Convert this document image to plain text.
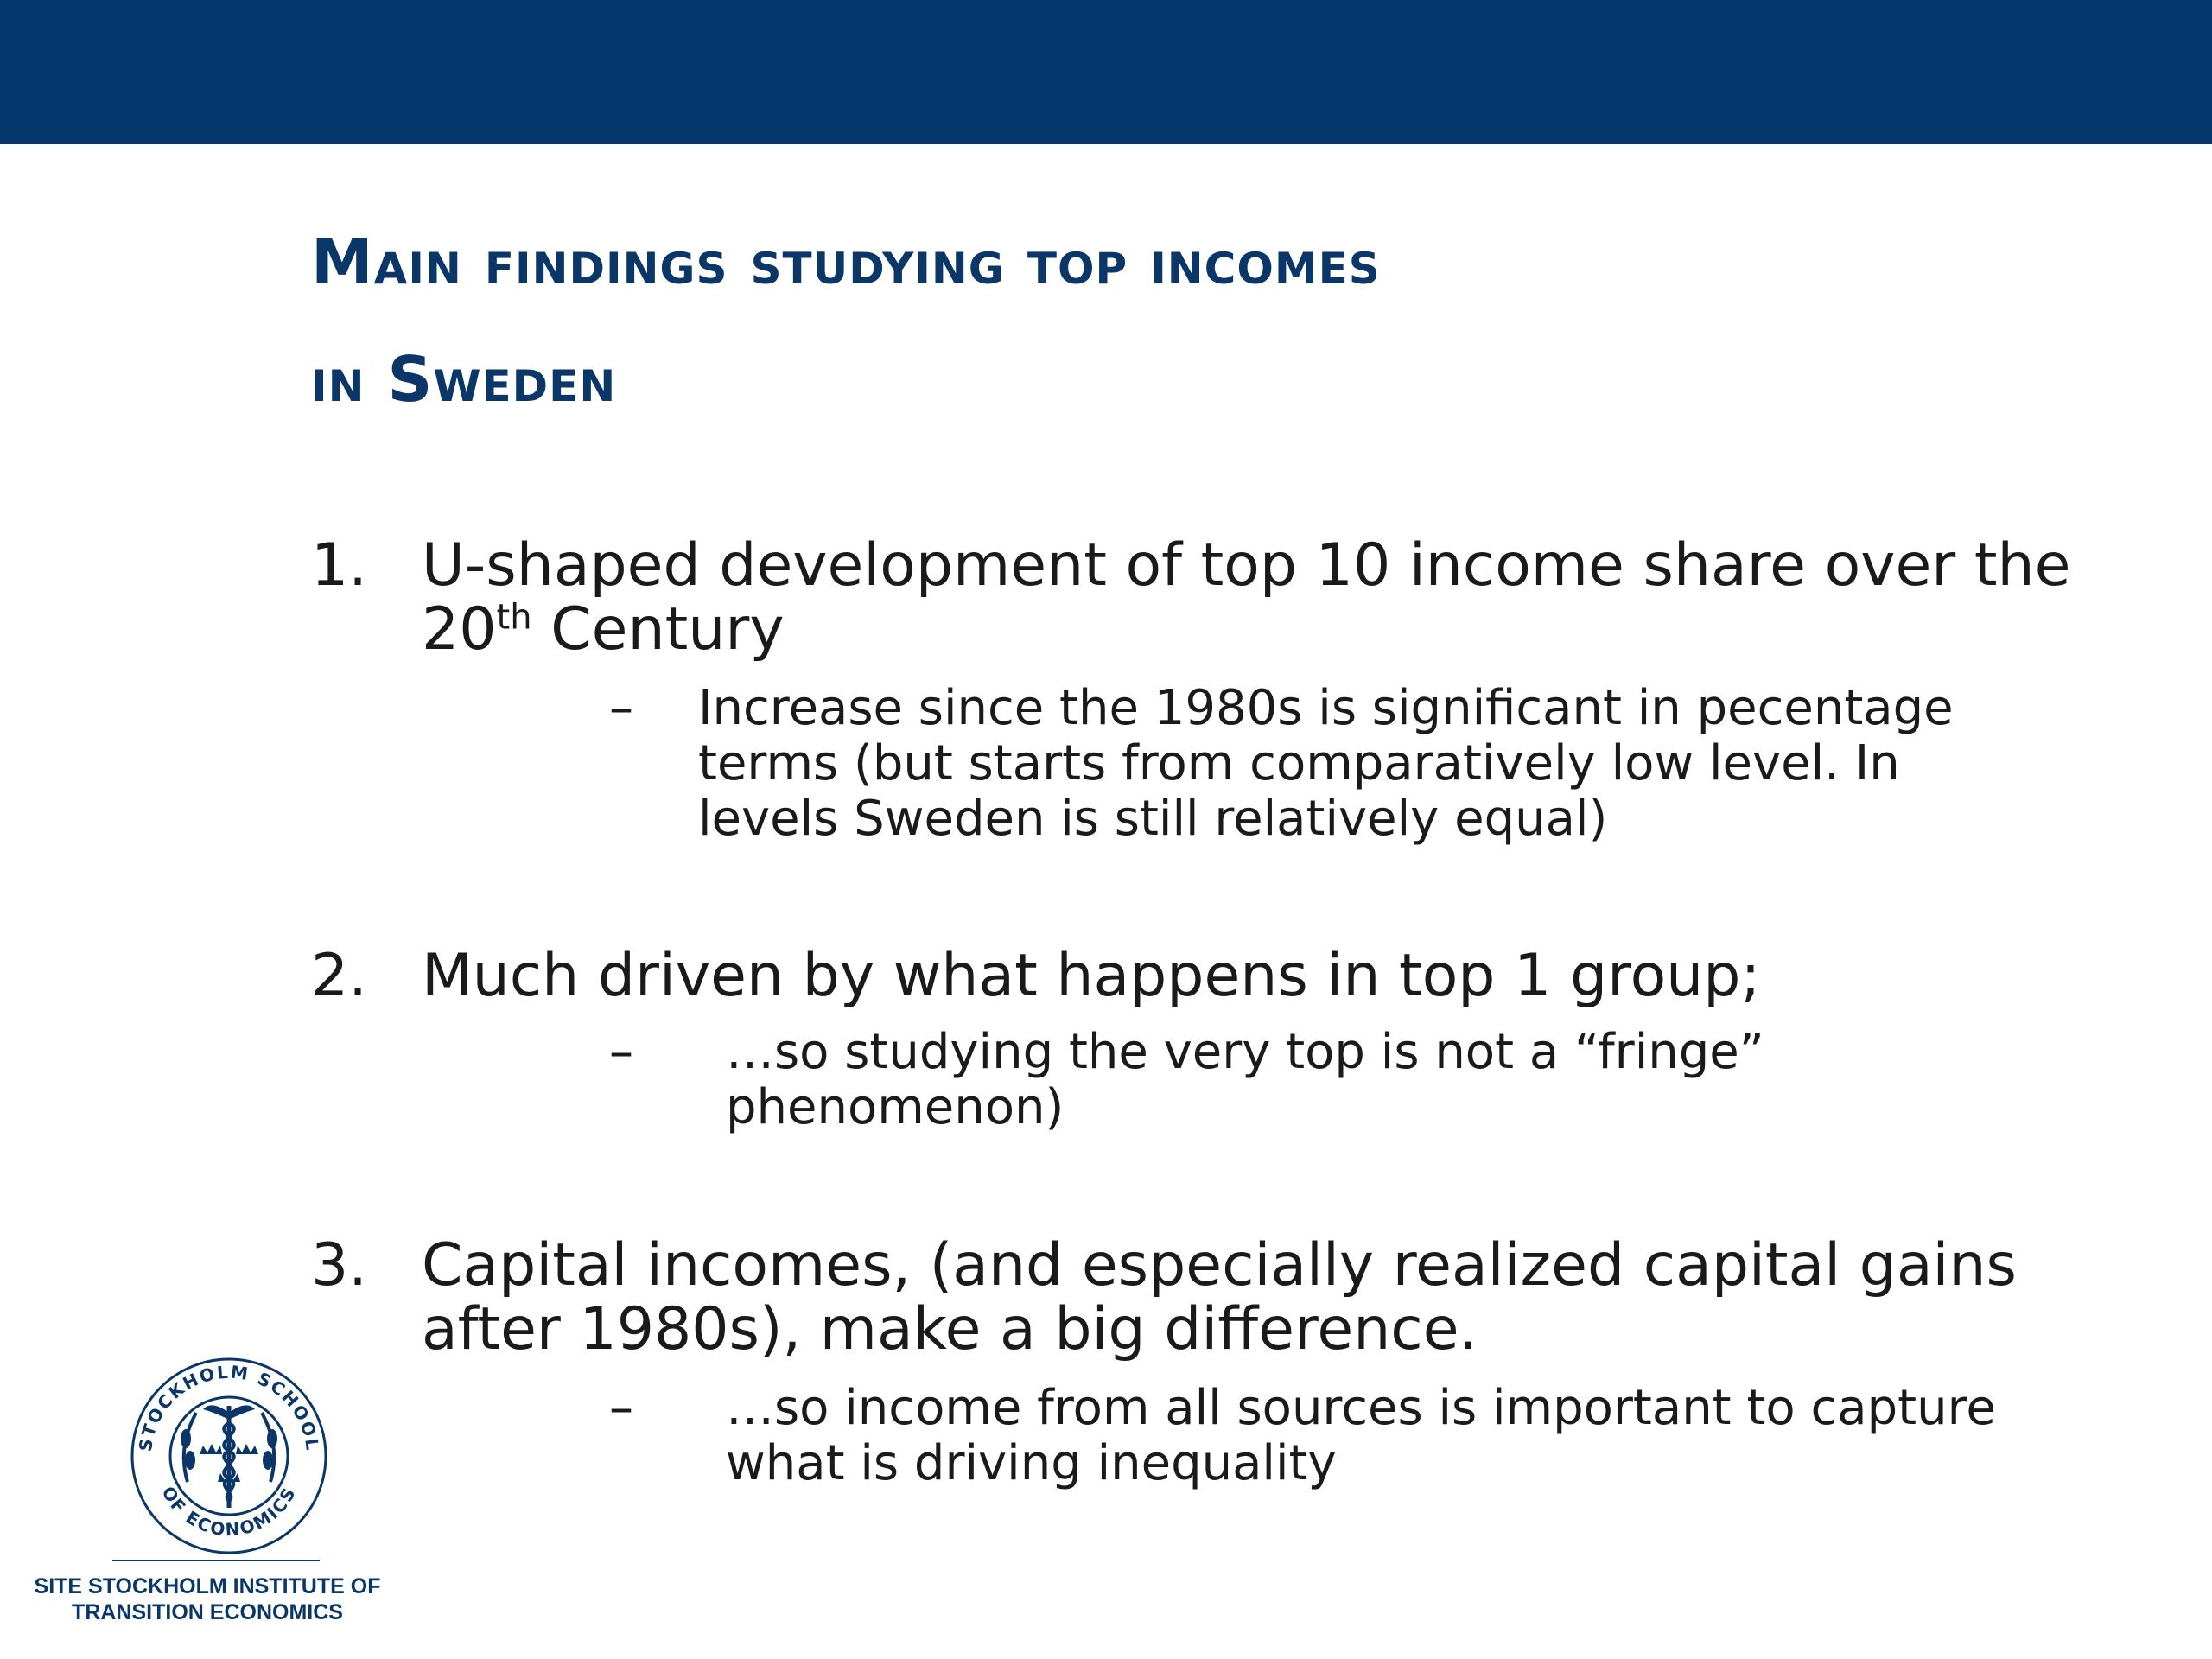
Main findings studying top incomes
in Sweden
1. U-shaped development of top 10 income share over the 20th Century
– Increase since the 1980s is significant in pecentage terms (but starts from comparatively low level. In levels Sweden is still relatively equal)
2. Much driven by what happens in top 1 group;
– …so studying the very top is not a “fringe” phenomenon)
3. Capital incomes, (and especially realized capital gains after 1980s), make a big difference.
– …so income from all sources is important to capture what is driving inequality
STOCKHOLM SCHOOL
OF ECONOMICS
SITE STOCKHOLM INSTITUTE OF
TRANSITION ECONOMICS
